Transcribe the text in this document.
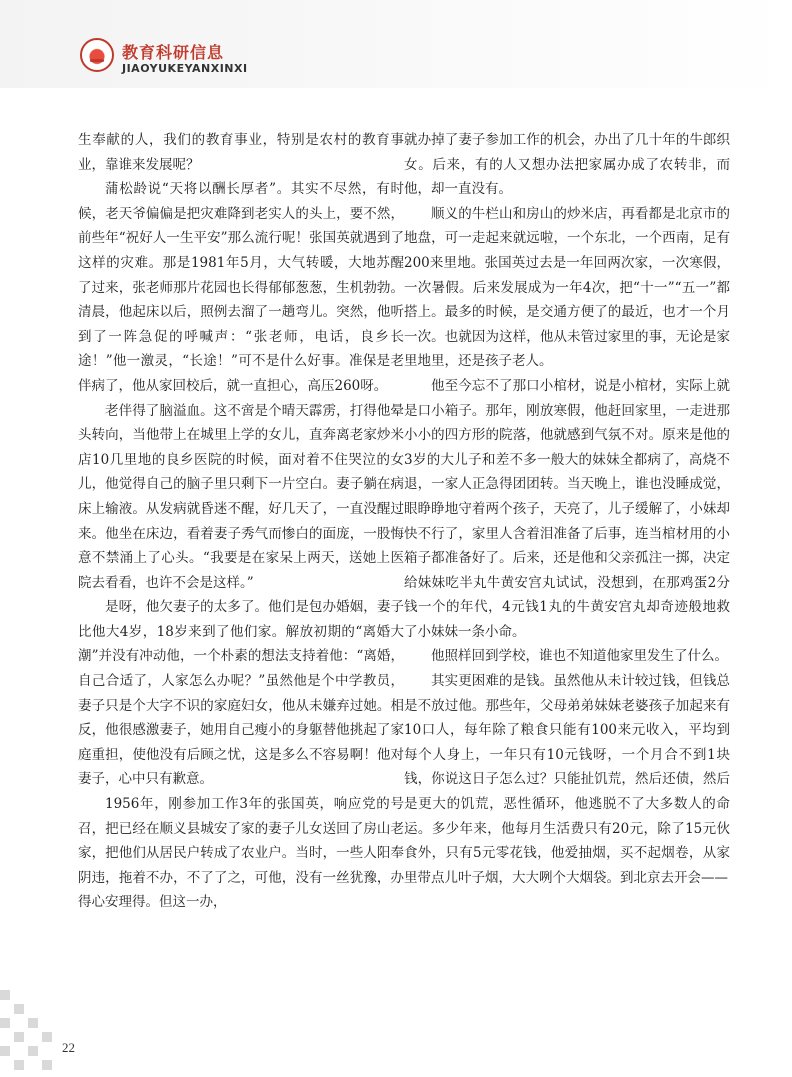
教育科研信息
JIAOYUKEYANXINXI

生奉献的人，我们的教育事业，特别是农村的教育事业，靠谁来发展呢？

蒲松龄说“天将以酬长厚者”。其实不尽然，有时候，老天爷偏偏是把灾难降到老实人的头上，要不然，前些年“祝好人一生平安”那么流行呢！张国英就遇到了这样的灾难。那是1981年5月，大气转暖，大地苏醒了过来，张老师那片花园也长得郁郁葱葱，生机勃勃。清晨，他起床以后，照例去溜了一趟弯儿。突然，他听到了一阵急促的呼喊声：“张老师，电话，良乡长途！”他一激灵，“长途！”可不是什么好事。准保是老伴病了，他从家回校后，就一直担心，高压260呀。

老伴得了脑溢血。这不啻是个晴天霹雳，打得他晕头转向，当他带上在城里上学的女儿，直奔离老家炒米店10几里地的良乡医院的时候，面对着不住哭泣的女儿，他觉得自己的脑子里只剩下一片空白。妻子躺在病床上输液。从发病就昏迷不醒，好几天了，一直没醒过来。他坐在床边，看着妻子秀气而惨白的面庞，一股悔意不禁涌上了心头。“我要是在家呆上两天，送她上医院去看看，也许不会是这样。”

是呀，他欠妻子的太多了。他们是包办婚姻，妻子比他大4岁，18岁来到了他们家。解放初期的“离婚大潮”并没有冲动他，一个朴素的想法支持着他：“离婚，自己合适了，人家怎么办呢？”虽然他是个中学教员，妻子只是个大字不识的家庭妇女，他从未嫌弃过她。相反，他很感激妻子，她用自己瘦小的身躯替他挑起了家庭重担，使他没有后顾之忧，这是多么不容易啊！他对妻子，心中只有歉意。

1956年，刚参加工作3年的张国英，响应党的号召，把已经在顺义县城安了家的妻子儿女送回了房山老家，把他们从居民户转成了农业户。当时，一些人阳奉阴违，拖着不办，不了了之，可他，没有一丝犹豫，办得心安理得。但这一办，

就办掉了妻子参加工作的机会，办出了几十年的牛郎织女。后来，有的人又想办法把家属办成了农转非，而他，却一直没有。

顺义的牛栏山和房山的炒米店，再看都是北京市的地盘，可一走起来就远啦，一个东北，一个西南，足有200来里地。张国英过去是一年回两次家，一次寒假，一次暑假。后来发展成为一年4次，把“十一”“五一”都搭上。最多的时候，是交通方便了的最近，也才一个月一次。也就因为这样，他从未管过家里的事，无论是家里地里，还是孩子老人。

他至今忘不了那口小棺材，说是小棺材，实际上就是口小箱子。那年，刚放寒假，他赶回家里，一走进那小小的四方形的院落，他就感到气氛不对。原来是他的3岁的大儿子和差不多一般大的妹妹全都病了，高烧不退，一家人正急得团团转。当天晚上，谁也没睡成觉，眼睁睁地守着两个孩子，天亮了，儿子缓解了，小妹却快不行了，家里人含着泪准备了后事，连当棺材用的小箱子都准备好了。后来，还是他和父亲孤注一掷，决定给妹妹吃半丸牛黄安宫丸试试，没想到，在那鸡蛋2分钱一个的年代，4元钱1丸的牛黄安宫丸却奇迹般地救了小妹妹一条小命。

他照样回到学校，谁也不知道他家里发生了什么。

其实更困难的是钱。虽然他从未计较过钱，但钱总是不放过他。那些年，父母弟弟妹妹老婆孩子加起来有10口人，每年除了粮食只能有100来元收入，平均到每个人身上，一年只有10元钱呀，一个月合不到1块钱，你说这日子怎么过？只能扯饥荒，然后还债，然后是更大的饥荒，恶性循环，他逃脱不了大多数人的命运。多少年来，他每月生活费只有20元，除了15元伙食外，只有5元零花钱，他爱抽烟，买不起烟卷，从家里带点儿叶子烟，大大咧个大烟袋。到北京去开会——

22
